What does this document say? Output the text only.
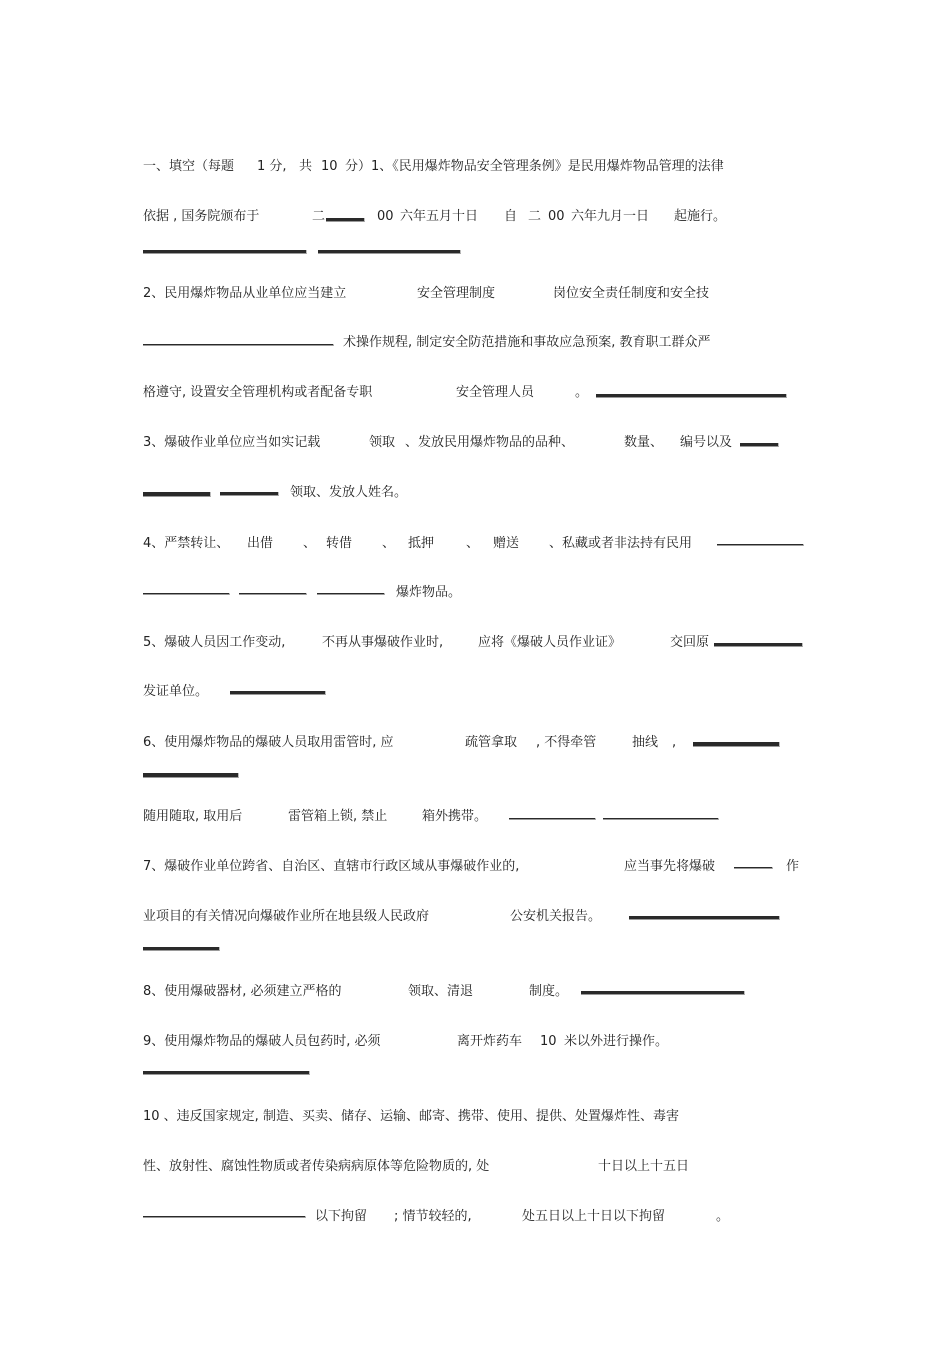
一、填空（每题 1 分, 共 10 分）1、《民用爆炸物品安全管理条例》是民用爆炸物品管理的法律
依据 , 国务院颁布于	二	00 六年五月十日 自 二 00 六年九月一日 起施行。
2、民用爆炸物品从业单位应当建立	安全管理制度	岗位安全责任制度和安全技
术操作规程, 制定安全防范措施和事故应急预案, 教育职工群众严
格遵守, 设置安全管理机构或者配备专职	安全管理人员	。
3、爆破作业单位应当如实记载	领取 、发放民用爆炸物品的品种、	数量、 编号以及
领取、发放人姓名。
4、严禁转让、 出借 、 转借 、 抵押 、 赠送 、私藏或者非法持有民用
爆炸物品。
5、爆破人员因工作变动,	不再从事爆破作业时,	应将《爆破人员作业证》	交回原
发证单位。
6、使用爆炸物品的爆破人员取用雷管时, 应	疏管拿取 , 不得牵管	抽线 ,
随用随取, 取用后	雷管箱上锁, 禁止	箱外携带。
7、爆破作业单位跨省、自治区、直辖市行政区域从事爆破作业的,	应当事先将爆破	作
业项目的有关情况向爆破作业所在地县级人民政府	公安机关报告。
8、使用爆破器材, 必须建立严格的	领取、清退	制度。
9、使用爆炸物品的爆破人员包药时, 必须	离开炸药车 10 米以外进行操作。
10 、违反国家规定, 制造、买卖、储存、运输、邮寄、携带、使用、提供、处置爆炸性、毒害
性、放射性、腐蚀性物质或者传染病病原体等危险物质的, 处	十日以上十五日
以下拘留 ; 情节较轻的,	处五日以上十日以下拘留	。
